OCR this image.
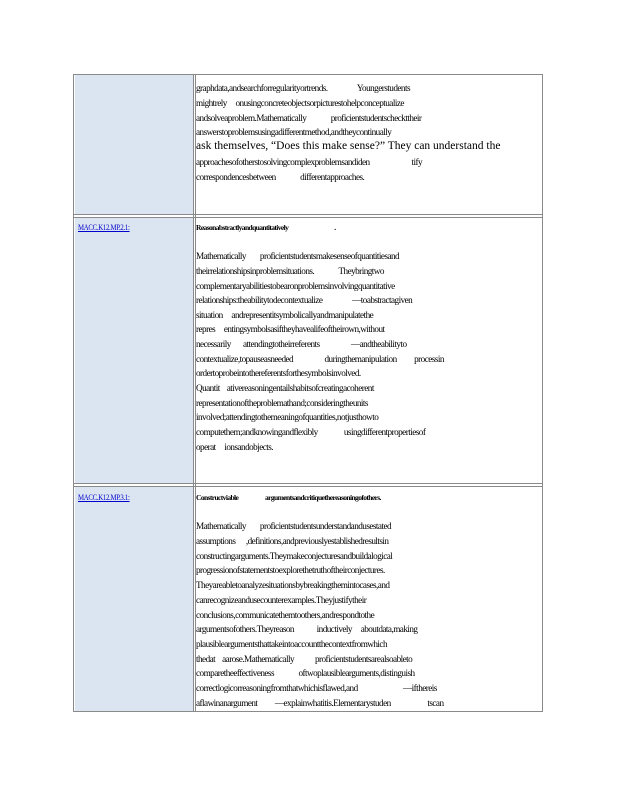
graphdata,andsearchforregularityortrends.                 Youngerstudents
mightrely     onusingconcreteobjectsorpicturestohelpconceptualize
andsolveaproblem.Mathematically              proficientstudentscheckttheir
answerstoproblemsusingadifferentmethod,andtheycontinually
ask themselves, “Does this make sense?” They can understand the
approachesofotherstosolvingcomplexproblemsandiden                        tify
correspondencesbetween              differentapproaches.
MACC.K12.MP.2.1:	Reasonabstractlyandquantitatively                                    .
Mathematically        proficientstudentsmakesenseofquantitiesand
theirrelationshipsinproblemsituations.              Theybringtwo
complementaryabilitiestobearonproblemsinvolvingquantitative
relationships:theabilitytodecontextualize                 ―toabstractagiven
situation     andrepresentitsymbolicallyandmanipulatethe
repres     entingsymbolsasiftheyhavealifeoftheirown,without
necessarily       attendingtotheirreferents                  ―andtheabilityto
contextualize,topauseasneeded                  duringthemanipulation          processin
ordertoprobeintothereferentsforthesymbolsinvolved.
Quantit    ativereasoningentailshabitsofcreatingacoherent
representationoftheproblemathand;consideringtheunits
involved;attendingtothemeaningofquantities,notjusthowto
computethem;andknowingandflexibly               usingdifferentpropertiesof
operat     ionsandobjects.
MACC.K12.MP.3.1:	Constructviable                     argumentsandcritiquethereasoningofothers.
Mathematically        proficientstudentsunderstandandusestated
assumptions      ,definitions,andpreviouslyestablishedresultsin
constructingarguments.Theymakeconjecturesandbuildalogical
progressionofstatementstoexplorethetruthoftheirconjectures.
Theyareabletoanalyzesituationsbybreakingthemintocases,and
canrecognizeandusecounterexamples.Theyjustifytheir
conclusions,communicatethemtoothers,andrespondtothe
argumentsofothers.Theyreason             inductively     aboutdata,making
plausibleargumentsthattakeintoaccountthecontextfromwhich
thedat    aarose.Mathematically            proficientstudentsarealsoableto
comparetheeffectiveness              oftwoplausiblearguments,distinguish
correctlogicorreasoningfromthatwhichisflawed,and                          ―ifthereis
aflawinanargument          ―explainwhatitis.Elementarystuden                     tscan
